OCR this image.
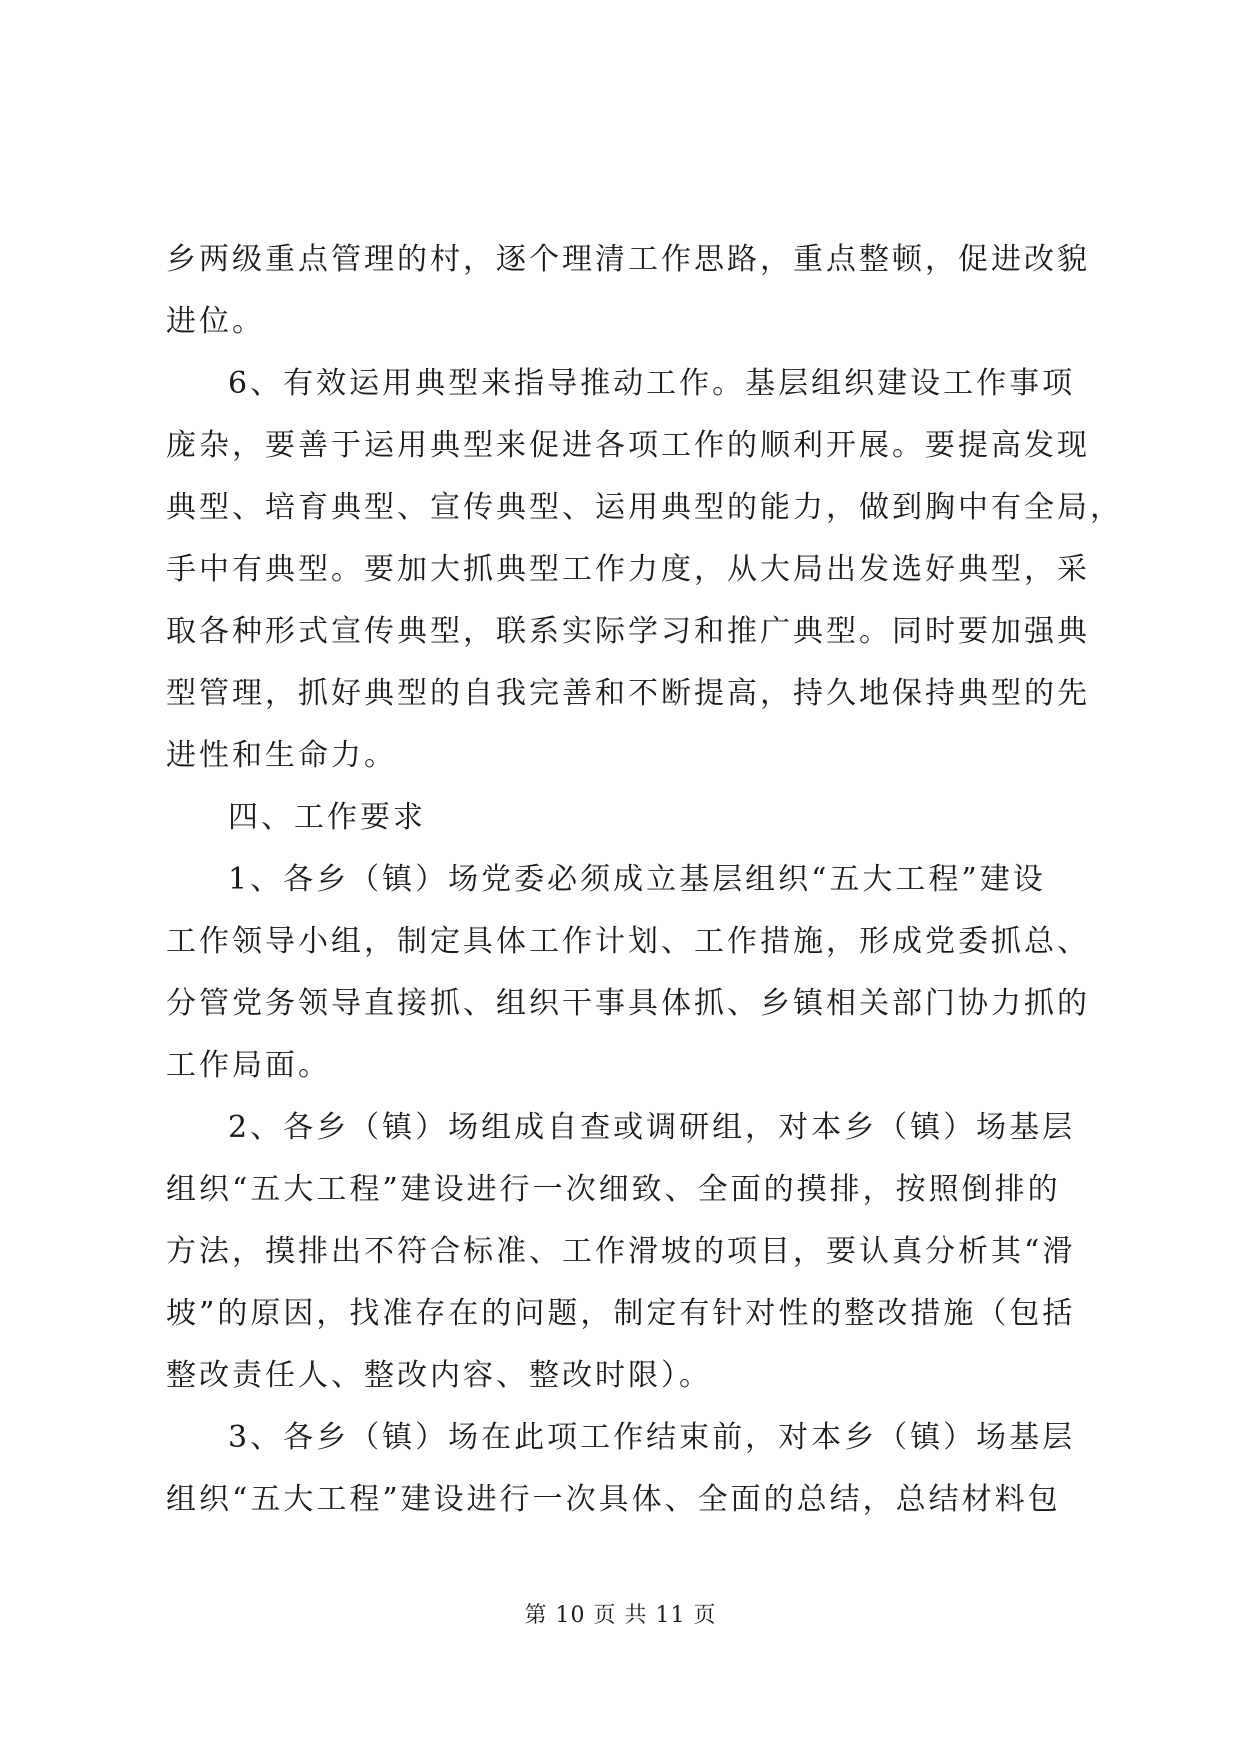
乡两级重点管理的村，逐个理清工作思路，重点整顿，促进改貌
进位。
6、有效运用典型来指导推动工作。基层组织建设工作事项
庞杂，要善于运用典型来促进各项工作的顺利开展。要提高发现
典型、培育典型、宣传典型、运用典型的能力，做到胸中有全局，
手中有典型。要加大抓典型工作力度，从大局出发选好典型，采
取各种形式宣传典型，联系实际学习和推广典型。同时要加强典
型管理，抓好典型的自我完善和不断提高，持久地保持典型的先
进性和生命力。
四、工作要求
1、各乡（镇）场党委必须成立基层组织“五大工程”建设
工作领导小组，制定具体工作计划、工作措施，形成党委抓总、
分管党务领导直接抓、组织干事具体抓、乡镇相关部门协力抓的
工作局面。
2、各乡（镇）场组成自查或调研组，对本乡（镇）场基层
组织“五大工程”建设进行一次细致、全面的摸排，按照倒排的
方法，摸排出不符合标准、工作滑坡的项目，要认真分析其“滑
坡”的原因，找准存在的问题，制定有针对性的整改措施（包括
整改责任人、整改内容、整改时限）。
3、各乡（镇）场在此项工作结束前，对本乡（镇）场基层
组织“五大工程”建设进行一次具体、全面的总结，总结材料包
第 10 页 共 11 页
